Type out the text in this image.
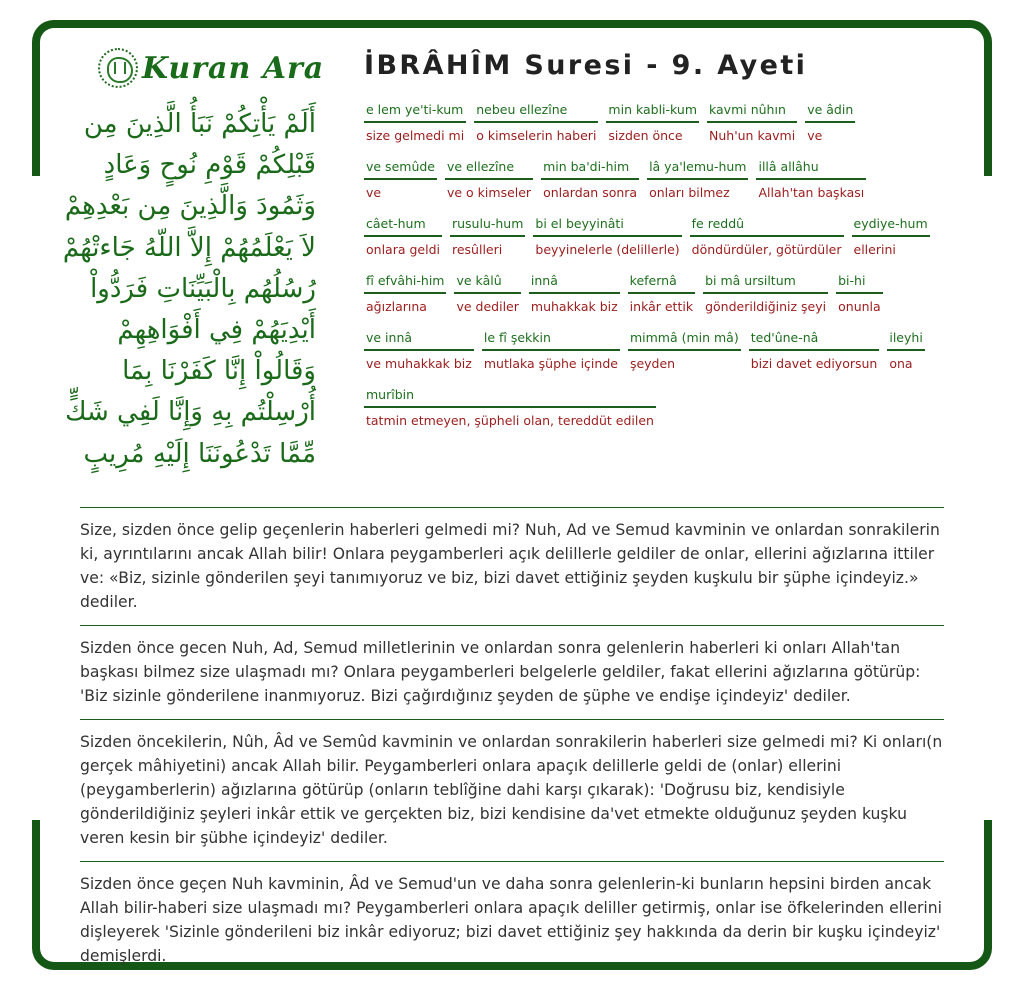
Kuran Ara İBRÂHÎM Suresi - 9. Ayeti
أَلَمْ يَأْتِكُمْ نَبَأُ الَّذِينَ مِن قَبْلِكُمْ قَوْمِ نُوحٍ وَعَادٍ وَثَمُودَ وَالَّذِينَ مِن بَعْدِهِمْ لاَ يَعْلَمُهُمْ إِلاَّ اللّهُ جَاءتْهُمْ رُسُلُهُم بِالْبَيِّنَاتِ فَرَدُّواْ أَيْدِيَهُمْ فِي أَفْوَاهِهِمْ وَقَالُواْ إِنَّا كَفَرْنَا بِمَا أُرْسِلْتُم بِهِ وَإِنَّا لَفِي شَكٍّ مِّمَّا تَدْعُونَنَا إِلَيْهِ مُرِيبٍ
e lem ye'ti-kum
size gelmedi mi
nebeu ellezîne
o kimselerin haberi
min kabli-kum
sizden önce
kavmi nûhın
Nuh'un kavmi
ve âdin
ve
ve semûde
ve
ve ellezîne
ve o kimseler
min ba'di-him
onlardan sonra
lâ ya'lemu-hum
onları bilmez
illâ allâhu
Allah'tan başkası
câet-hum
onlara geldi
rusulu-hum
resûlleri
bi el beyyinâti
beyyinelerle (delillerle)
fe reddû
döndürdüler, götürdüler
eydiye-hum
ellerini
fî efvâhi-him
ağızlarına
ve kâlû
ve dediler
innâ
muhakkak biz
kefernâ
inkâr ettik
bi mâ ursiltum
gönderildiğiniz şeyi
bi-hi
onunla
ve innâ
ve muhakkak biz
le fî şekkin
mutlaka şüphe içinde
mimmâ (min mâ)
şeyden
ted'ûne-nâ
bizi davet ediyorsun
ileyhi
ona
murîbin
tatmin etmeyen, şüpheli olan, tereddüt edilen

Size, sizden önce gelip geçenlerin haberleri gelmedi mi? Nuh, Ad ve Semud kavminin ve onlardan sonrakilerin ki, ayrıntılarını ancak Allah bilir! Onlara peygamberleri açık delillerle geldiler de onlar, ellerini ağızlarına ittiler ve: «Biz, sizinle gönderilen şeyi tanımıyoruz ve biz, bizi davet ettiğiniz şeyden kuşkulu bir şüphe içindeyiz.» dediler.

Sizden önce gecen Nuh, Ad, Semud milletlerinin ve onlardan sonra gelenlerin haberleri ki onları Allah'tan başkası bilmez size ulaşmadı mı? Onlara peygamberleri belgelerle geldiler, fakat ellerini ağızlarına götürüp: 'Biz sizinle gönderilene inanmıyoruz. Bizi çağırdığınız şeyden de şüphe ve endişe içindeyiz' dediler.

Sizden öncekilerin, Nûh, Âd ve Semûd kavminin ve onlardan sonrakilerin haberleri size gelmedi mi? Ki onları(n gerçek mâhiyetini) ancak Allah bilir. Peygamberleri onlara apaçık delillerle geldi de (onlar) ellerini (peygamberlerin) ağızlarına götürüp (onların teblîğine dahi karşı çıkarak): 'Doğrusu biz, kendisiyle gönderildiğiniz şeyleri inkâr ettik ve gerçekten biz, bizi kendisine da'vet etmekte olduğunuz şeyden kuşku veren kesin bir şübhe içindeyiz' dediler.

Sizden önce geçen Nuh kavminin, Âd ve Semud'un ve daha sonra gelenlerin-ki bunların hepsini birden ancak Allah bilir-haberi size ulaşmadı mı? Peygamberleri onlara apaçık deliller getirmiş, onlar ise öfkelerinden ellerini dişleyerek 'Sizinle gönderileni biz inkâr ediyoruz; bizi davet ettiğiniz şey hakkında da derin bir kuşku içindeyiz' demişlerdi.
